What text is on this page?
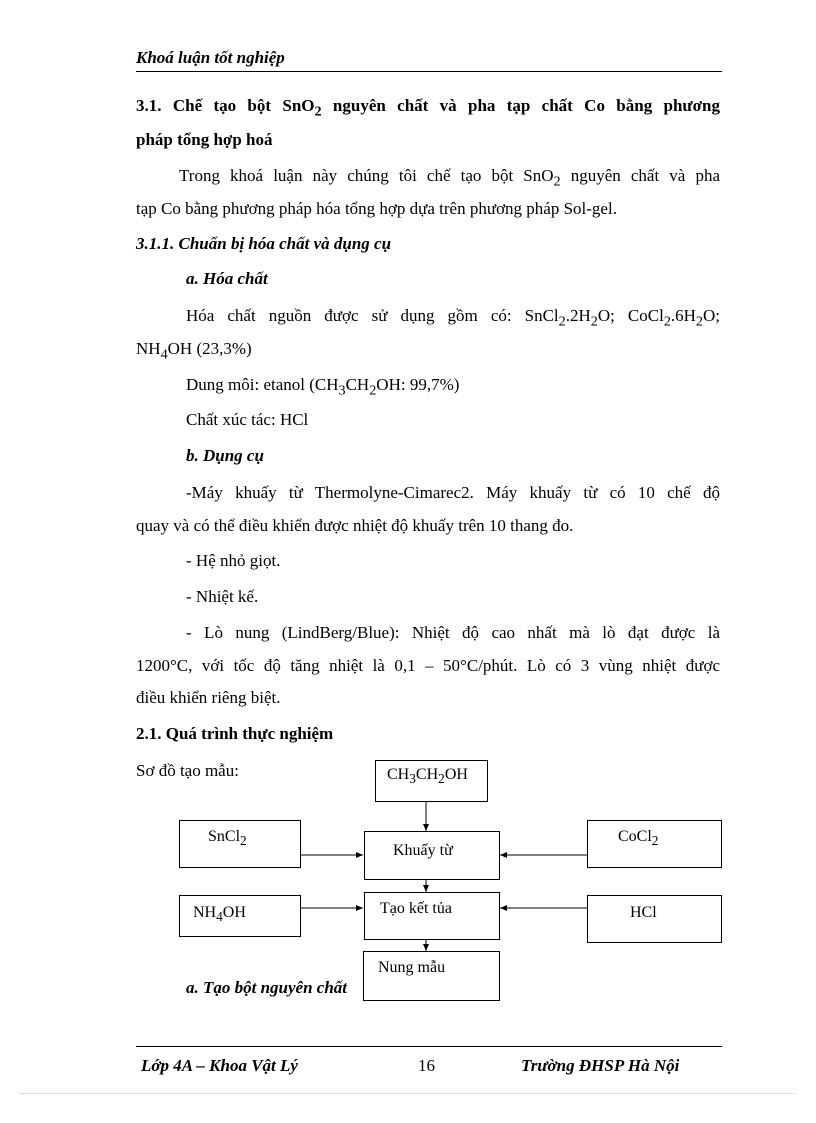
Khoá luận tốt nghiệp
3.1. Chế tạo bột SnO$_2$ nguyên chất và pha tạp chất Co bằng phương
pháp tổng hợp hoá
Trong khoá luận này chúng tôi chế tạo bột SnO$_2$ nguyên chất và pha
tạp Co bằng phương pháp hóa tổng hợp dựa trên phương pháp Sol-gel.
3.1.1. Chuẩn bị hóa chất và dụng cụ
a. Hóa chất
Hóa chất nguồn được sử dụng gồm có: $SnCl_2.2H_2O$; $CoCl_2.6H_2O$;
$NH_4OH$ (23,3%)
Dung môi: etanol ($CH_3CH_2OH$: 99,7%)
Chất xúc tác: HCl
b. Dụng cụ
-Máy khuấy từ Thermolyne-Cimarec2. Máy khuấy từ có 10 chế độ
quay và có thể điều khiển được nhiệt độ khuấy trên 10 thang đo.
- Hệ nhỏ giọt.
- Nhiệt kế.
- Lò nung (LindBerg/Blue): Nhiệt độ cao nhất mà lò đạt được là
1200°C, với tốc độ tăng nhiệt là 0,1 – 50°C/phút. Lò có 3 vùng nhiệt được
điều khiển riêng biệt.
2.1. Quá trình thực nghiệm
Sơ đồ tạo mẫu:
a. Tạo bột nguyên chất
$CH_3CH_2OH$
SnCl$_2$
Khuấy từ
CoCl$_2$
$NH_4OH$	Tạo kết tủa	HCl
Nung mẫu
Lớp 4A – Khoa Vật Lý	16	Trường ĐHSP Hà Nội
